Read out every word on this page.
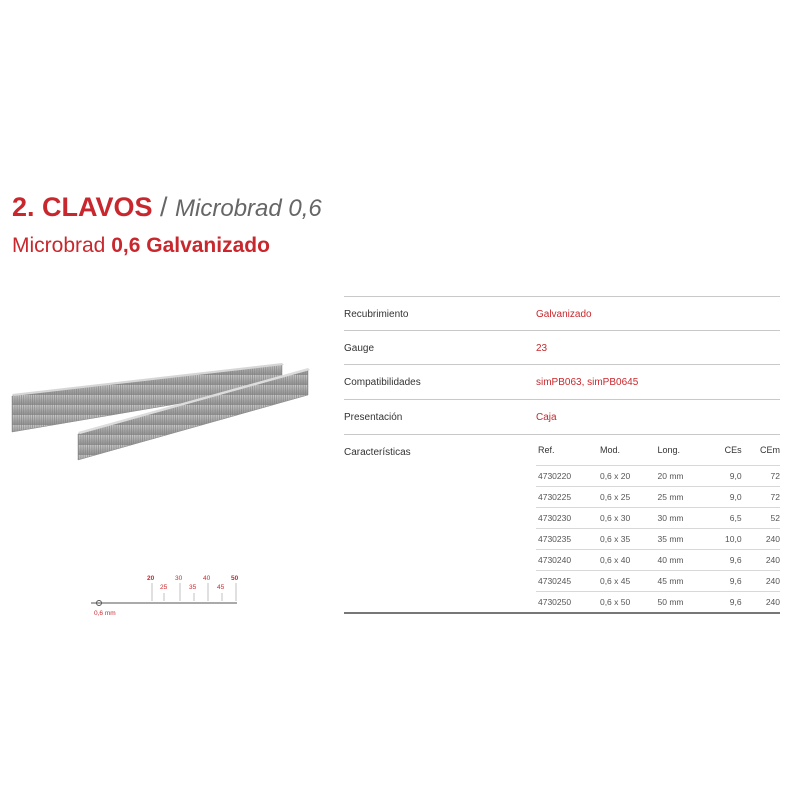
2. CLAVOS / Microbrad 0,6
Microbrad 0,6 Galvanizado
20	30	40	50
25	35	45
0,6 mm
Recubrimiento	Galvanizado
Gauge	23
Compatibilidades	simPB063, simPB0645
Presentación	Caja
Características	Ref.	Mod.	Long.	CEs	CEm
4730220	0,6 x 20	20 mm	9,0	72
4730225	0,6 x 25	25 mm	9,0	72
4730230	0,6 x 30	30 mm	6,5	52
4730235	0,6 x 35	35 mm	10,0	240
4730240	0,6 x 40	40 mm	9,6	240
4730245	0,6 x 45	45 mm	9,6	240
4730250	0,6 x 50	50 mm	9,6	240
